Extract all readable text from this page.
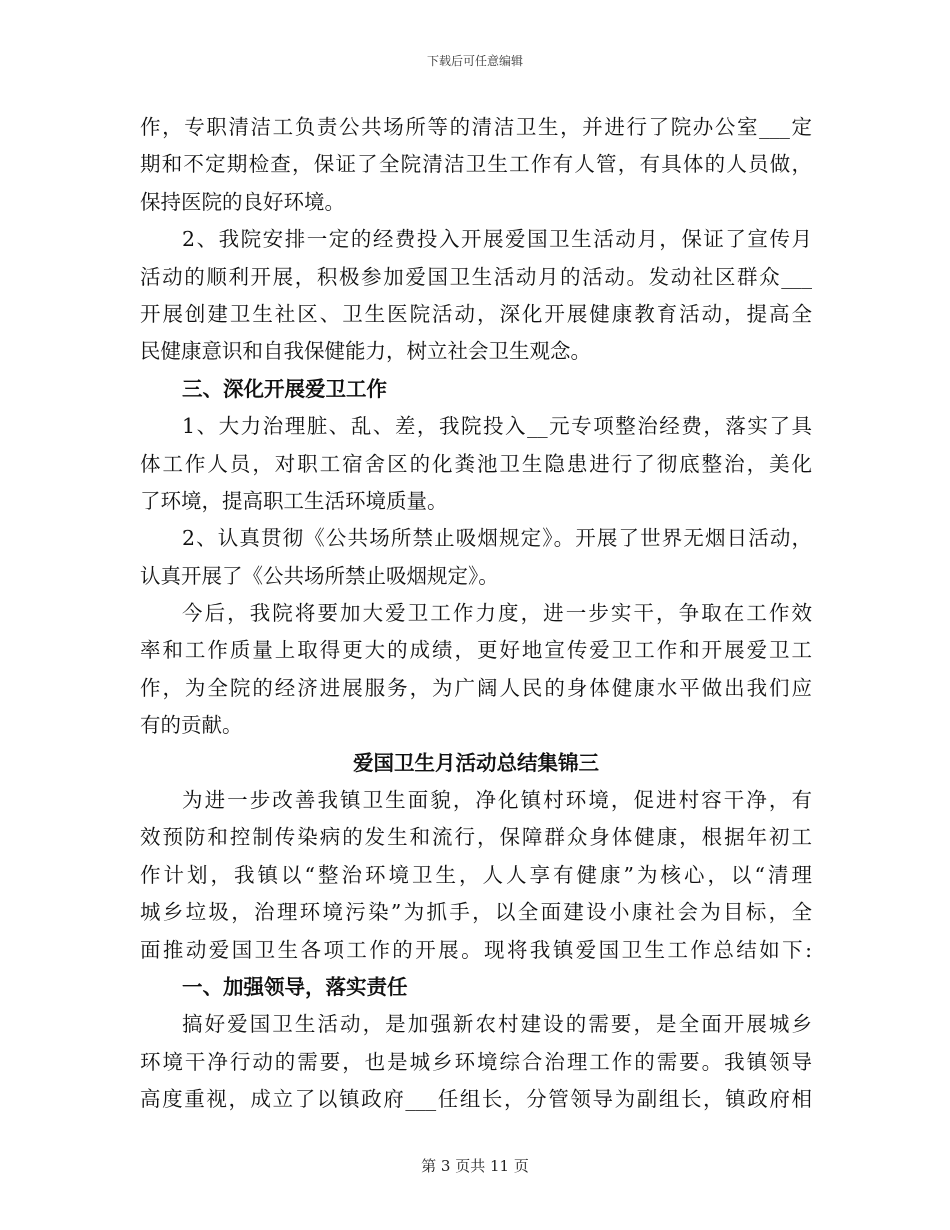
下载后可任意编辑
作，专职清洁工负责公共场所等的清洁卫生，并进行了院办公室___定
期和不定期检查，保证了全院清洁卫生工作有人管，有具体的人员做，
保持医院的良好环境。
2、我院安排一定的经费投入开展爱国卫生活动月，保证了宣传月
活动的顺利开展，积极参加爱国卫生活动月的活动。发动社区群众___
开展创建卫生社区、卫生医院活动，深化开展健康教育活动，提高全
民健康意识和自我保健能力，树立社会卫生观念。
三、深化开展爱卫工作
1、大力治理脏、乱、差，我院投入__元专项整治经费，落实了具
体工作人员，对职工宿舍区的化粪池卫生隐患进行了彻底整治，美化
了环境，提高职工生活环境质量。
2、认真贯彻《公共场所禁止吸烟规定》。开展了世界无烟日活动，
认真开展了《公共场所禁止吸烟规定》。
今后，我院将要加大爱卫工作力度，进一步实干，争取在工作效
率和工作质量上取得更大的成绩，更好地宣传爱卫工作和开展爱卫工
作，为全院的经济进展服务，为广阔人民的身体健康水平做出我们应
有的贡献。
爱国卫生月活动总结集锦三
为进一步改善我镇卫生面貌，净化镇村环境，促进村容干净，有
效预防和控制传染病的发生和流行，保障群众身体健康，根据年初工
作计划，我镇以“整治环境卫生，人人享有健康”为核心，以“清理
城乡垃圾，治理环境污染”为抓手，以全面建设小康社会为目标，全
面推动爱国卫生各项工作的开展。现将我镇爱国卫生工作总结如下:
一、加强领导，落实责任
搞好爱国卫生活动，是加强新农村建设的需要，是全面开展城乡
环境干净行动的需要，也是城乡环境综合治理工作的需要。我镇领导
高度重视，成立了以镇政府___任组长，分管领导为副组长，镇政府相
第 3 页共 11 页
